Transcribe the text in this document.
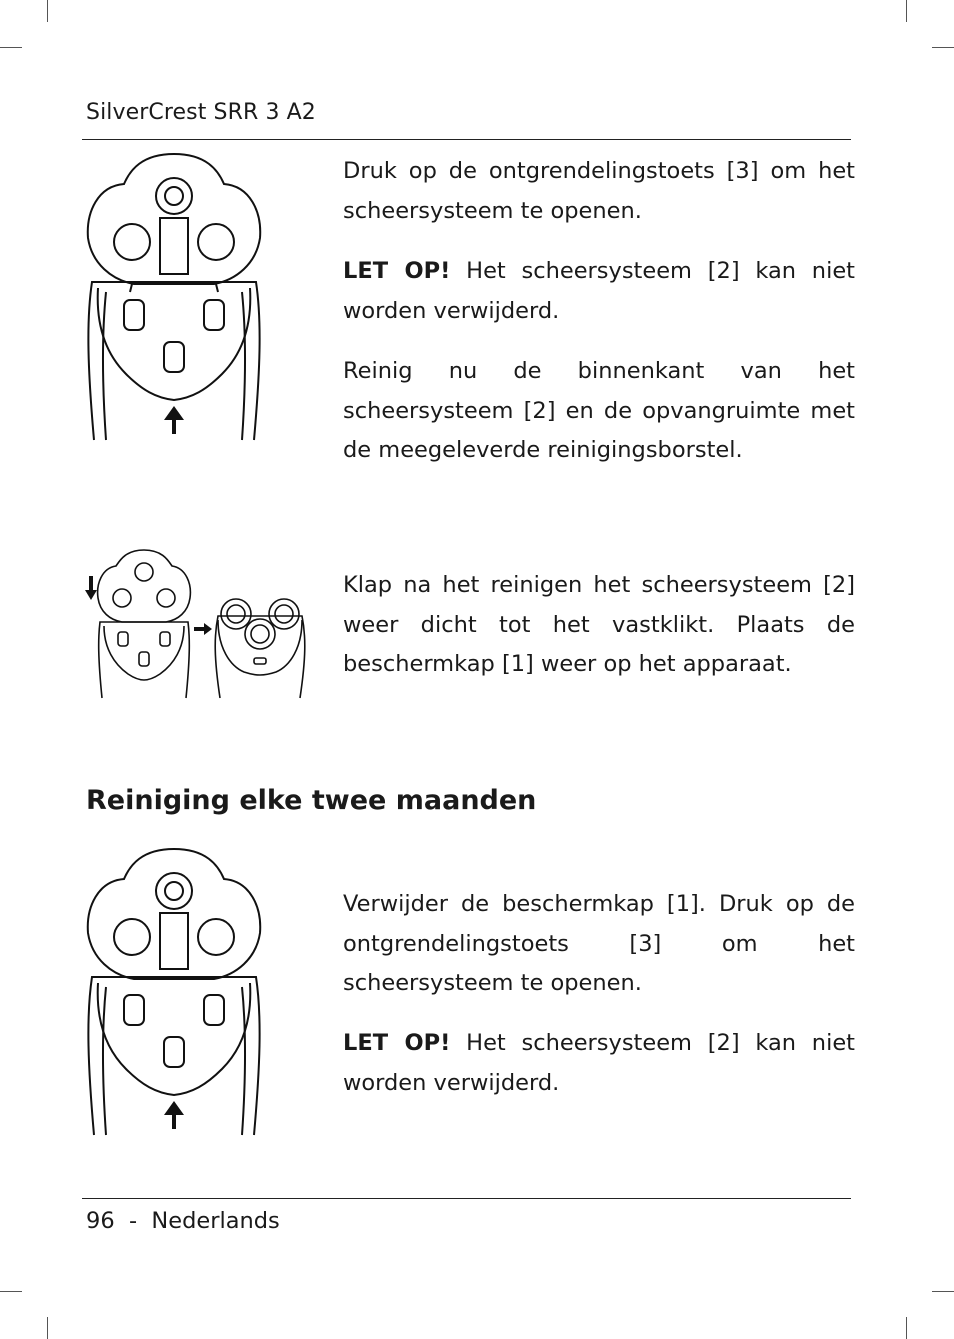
SilverCrest SRR 3 A2

Druk op de ontgrendelingstoets [3] om het scheersysteem te openen.

LET OP! Het scheersysteem [2] kan niet worden verwijderd.

Reinig nu de binnenkant van het scheersysteem [2] en de opvangruimte met de meegeleverde reinigingsborstel.

Klap na het reinigen het scheersysteem [2] weer dicht tot het vastklikt. Plaats de beschermkap [1] weer op het apparaat.

Reiniging elke twee maanden

Verwijder de beschermkap [1]. Druk op de ontgrendelingstoets [3] om het scheersysteem te openen.

LET OP! Het scheersysteem [2] kan niet worden verwijderd.

96 - Nederlands
